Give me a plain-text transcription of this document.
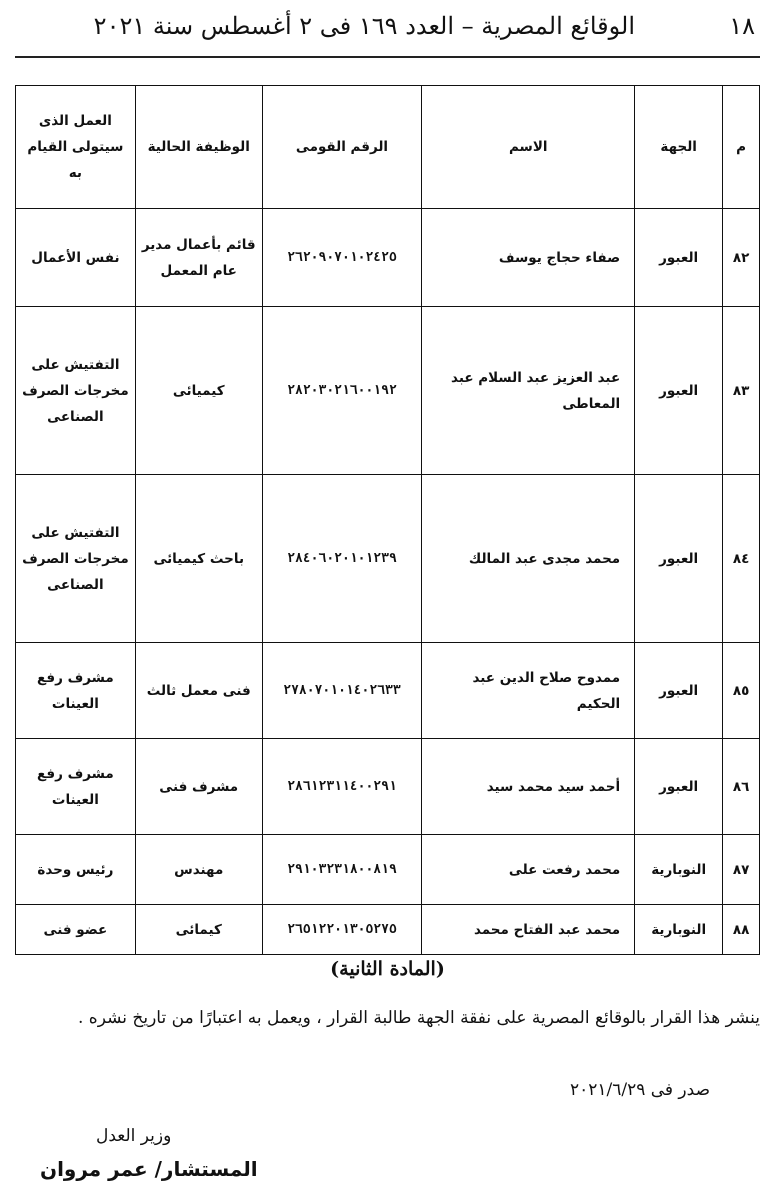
١٨
الوقائع المصرية – العدد ١٦٩ فى ٢ أغسطس سنة ٢٠٢١
م	الجهة	الاسم	الرقم القومى	الوظيفة الحالية	العمل الذى سيتولى القيام به
٨٢	العبور	صفاء حجاج يوسف	٢٦٢٠٩٠٧٠١٠٢٤٢٥	قائم بأعمال مدير عام المعمل	نفس الأعمال
٨٣	العبور	عبد العزيز عبد السلام عبد المعاطى	٢٨٢٠٣٠٢١٦٠٠١٩٢	كيميائى	التفتيش على مخرجات الصرف الصناعى
٨٤	العبور	محمد مجدى عبد المالك	٢٨٤٠٦٠٢٠١٠١٢٣٩	باحث كيميائى	التفتيش على مخرجات الصرف الصناعى
٨٥	العبور	ممدوح صلاح الدين عبد الحكيم	٢٧٨٠٧٠١٠١٤٠٢٦٣٣	فنى معمل ثالث	مشرف رفع العينات
٨٦	العبور	أحمد سيد محمد سيد	٢٨٦١٢٣١١٤٠٠٢٩١	مشرف فنى	مشرف رفع العينات
٨٧	النوبارية	محمد رفعت على	٢٩١٠٣٢٣١٨٠٠٨١٩	مهندس	رئيس وحدة
٨٨	النوبارية	محمد عبد الفتاح محمد	٢٦٥١٢٢٠١٣٠٥٢٧٥	كيمائى	عضو فنى
(المادة الثانية)
ينشر هذا القرار بالوقائع المصرية على نفقة الجهة طالبة القرار ، ويعمل به اعتبارًا من تاريخ نشره .
صدر فى ٢٠٢١/٦/٢٩
وزير العدل
المستشار/ عمر مروان
